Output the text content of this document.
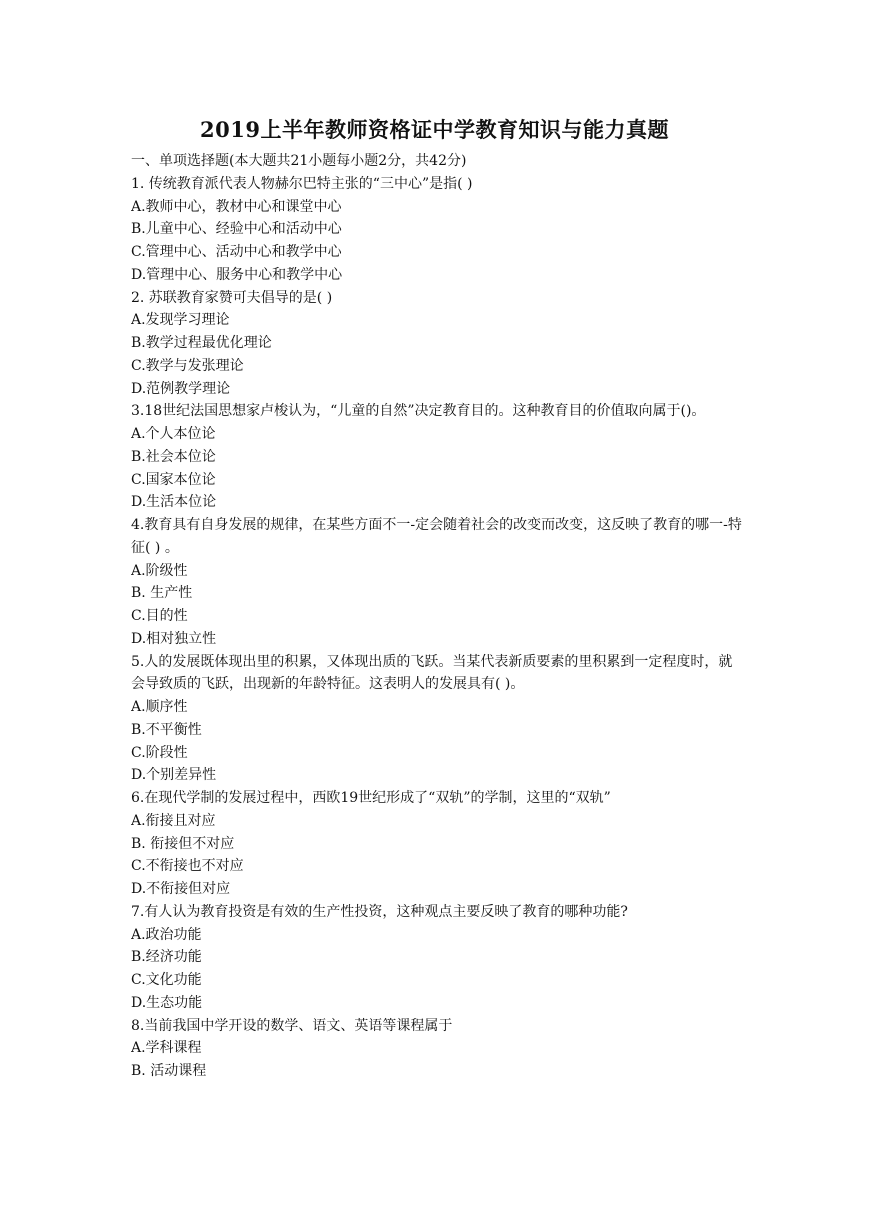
2019上半年教师资格证中学教育知识与能力真题
一、单项选择题(本大题共21小题每小题2分，共42分)
1. 传统教育派代表人物赫尔巴特主张的“三中心”是指( )
A.教师中心，教材中心和课堂中心
B.儿童中心、经验中心和活动中心
C.管理中心、活动中心和教学中心
D.管理中心、服务中心和教学中心
2. 苏联教育家赞可夫倡导的是( )
A.发现学习理论
B.教学过程最优化理论
C.教学与发张理论
D.范例教学理论
3.18世纪法国思想家卢梭认为，“儿童的自然”决定教育目的。这种教育目的价值取向属于()。
A.个人本位论
B.社会本位论
C.国家本位论
D.生活本位论
4.教育具有自身发展的规律，在某些方面不一-定会随着社会的改变而改变，这反映了教育的哪一-特征( ) 。
A.阶级性
B. 生产性
C.目的性
D.相对独立性
5.人的发展既体现出里的积累，又体现出质的飞跃。当某代表新质要素的里积累到一定程度时，就会导致质的飞跃，出现新的年龄特征。这表明人的发展具有( )。
A.顺序性
B.不平衡性
C.阶段性
D.个别差异性
6.在现代学制的发展过程中，西欧19世纪形成了“双轨”的学制，这里的“双轨”
A.衔接且对应
B. 衔接但不对应
C.不衔接也不对应
D.不衔接但对应
7.有人认为教育投资是有效的生产性投资，这种观点主要反映了教育的哪种功能?
A.政治功能
B.经济功能
C.文化功能
D.生态功能
8.当前我国中学开设的数学、语文、英语等课程属于
A.学科课程
B. 活动课程
